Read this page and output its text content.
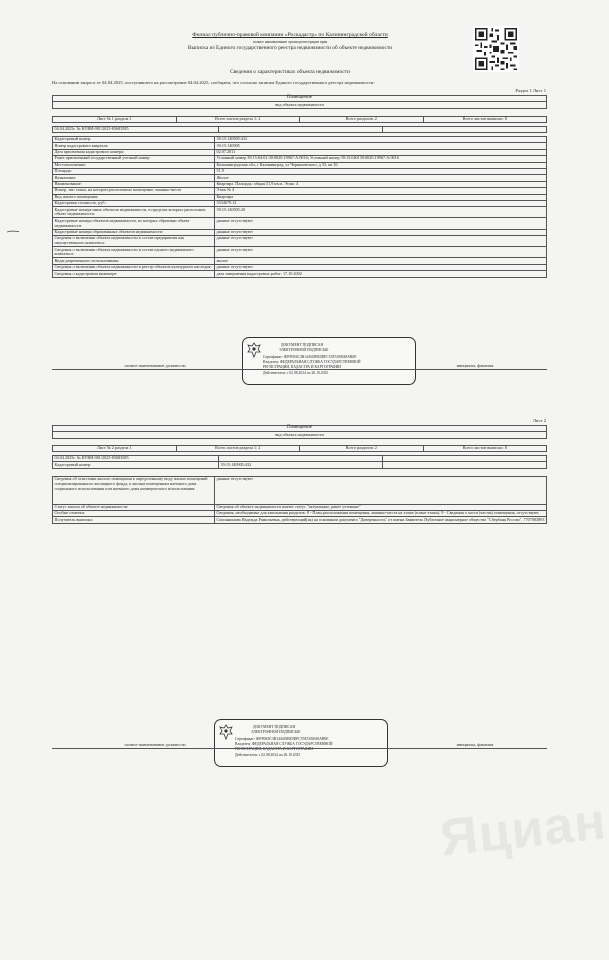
Яциан
Филиал публично-правовой компании «Роскадастр» по Калининградской области
полное наименование органа регистрации прав
Выписка из Единого государственного реестра недвижимости об объекте недвижимости
Сведения о характеристиках объекта недвижимости
На основании запроса от 04.04.2025, поступившего на рассмотрение 04.04.2025, сообщаем, что согласно записям Единого государственного реестра недвижимости:
Раздел 1 Лист 1
Помещение
вид объекта недвижимости
Лист № 1 раздела 1	Всего листов раздела 1: 2	Всего разделов: 2	Всего листов выписки: 8
04.04.2025г. № КУВИ-001/2025-83683585		
Кадастровый номер:	39:15:140905:432
Номер кадастрового квартала:	39:15:140905
Дата присвоения кадастрового номера:	02.07.2011
Ранее присвоенный государственный учетный номер:	Условный номер 39:15:04:01:30:0020:19967:А:0016; Условный номер 39:15:040130:0020:19967:А:0016
Местоположение:	Калининградская обл, г Калининград, ул Черняховского, д 33, кв 16
Площадь:	51.9
Назначение:	Жилое
Наименование:	Квартира. Площадь: общая 51,9 кв.м. Этаж: 4
Номер, тип этажа, на котором расположено помещение, машино-место	Этаж № 4
Вид жилого помещения:	Квартира
Кадастровая стоимость, руб.:	3534679.12
Кадастровые номера иных объектов недвижимости, в пределах которых расположен объект недвижимости:	39:15:140905:20
Кадастровые номера объектов недвижимости, из которых образован объект недвижимости:	данные отсутствуют
Кадастровые номера образованных объектов недвижимости:	данные отсутствуют
Сведения о включении объекта недвижимости в состав предприятия как имущественного комплекса:	данные отсутствуют
Сведения о включении объекта недвижимости в состав единого недвижимого комплекса:	данные отсутствуют
Виды разрешенного использования:	жилое
Сведения о включении объекта недвижимости в реестр объектов культурного наследия:	данные отсутствуют
Сведения о кадастровом инженере:	дата завершения кадастровых работ: 17.10.2002
ДОКУМЕНТ ПОДПИСАН
ЭЛЕКТРОННОЙ ПОДПИСЬЮ
Сертификат: 00FF0E6C3B14A6DBE0DFC55E51B8A8AB0E
Владелец: ФЕДЕРАЛЬНАЯ СЛУЖБА ГОСУДАРСТВЕННОЙ
РЕГИСТРАЦИИ, КАДАСТРА И КАРТОГРАФИИ
Действителен: с 02.08.2024 по 26.10.2025
полное наименование должности	инициалы, фамилия
Лист 2
Помещение
вид объекта недвижимости
Лист № 2 раздела 1	Всего листов раздела 1: 2	Всего разделов: 2	Всего листов выписки: 8
04.04.2025г. № КУВИ-001/2025-83683585		
Кадастровый номер:	39:15:140905:432	
Сведения об отнесении жилого помещения к определенному виду жилых помещений специализированного жилищного фонда, к жилым помещениям наемного дома социального использования или наемного дома коммерческого использования:	данные отсутствуют
Статус записи об объекте недвижимости:	Сведения об объекте недвижимости имеют статус "актуальные, ранее учтенные"
Особые отметки:	Сведения, необходимые для заполнения разделов: 8 - План расположения помещения, машино-места на этаже (плане этажа), 9 - Сведения о части (частях) помещения, отсутствуют.
Получатель выписки:	Смолянинова Надежда Рамильевна, действующий(ая) на основании документа "Доверенность" от имени Заявитель Публичное акционерное общество "Сбербанк России", 7707083893
ДОКУМЕНТ ПОДПИСАН
ЭЛЕКТРОННОЙ ПОДПИСЬЮ
Сертификат: 00FF0E6C3B14A6DBE0DFC55E51B8A8AB0E
Владелец: ФЕДЕРАЛЬНАЯ СЛУЖБА ГОСУДАРСТВЕННОЙ
РЕГИСТРАЦИИ, КАДАСТРА И КАРТОГРАФИИ
Действителен: с 02.08.2024 по 26.10.2025
полное наименование должности	инициалы, фамилия
